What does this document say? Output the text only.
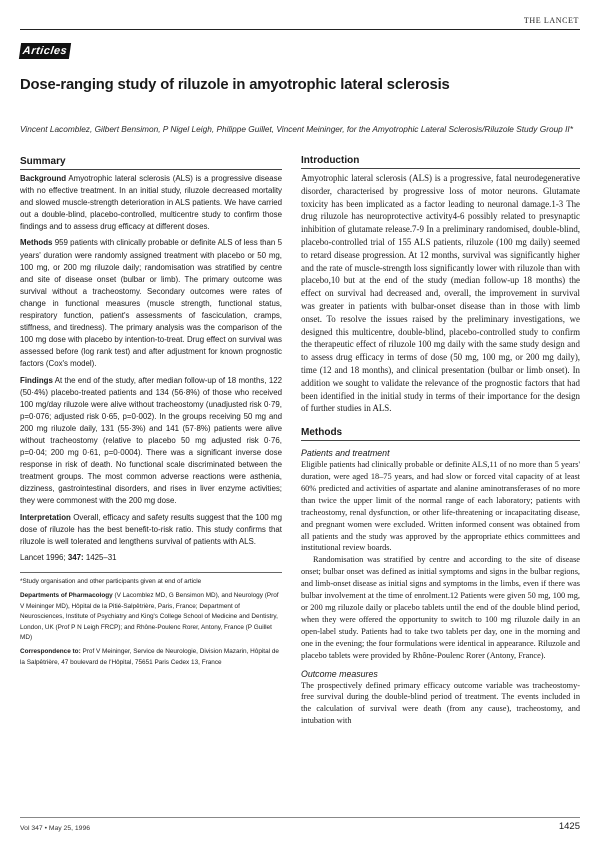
THE LANCET
Articles
Dose-ranging study of riluzole in amyotrophic lateral sclerosis
Vincent Lacomblez, Gilbert Bensimon, P Nigel Leigh, Philippe Guillet, Vincent Meininger, for the Amyotrophic Lateral Sclerosis/Riluzole Study Group II*
Summary

Background Amyotrophic lateral sclerosis (ALS) is a progressive disease with no effective treatment. In an initial study, riluzole decreased mortality and slowed muscle-strength deterioration in ALS patients. We have carried out a double-blind, placebo-controlled, multicentre study to confirm those findings and to assess drug efficacy at different doses.

Methods 959 patients with clinically probable or definite ALS of less than 5 years' duration were randomly assigned treatment with placebo or 50 mg, 100 mg, or 200 mg riluzole daily; randomisation was stratified by centre and site of disease onset (bulbar or limb). The primary outcome was survival without a tracheostomy. Secondary outcomes were rates of change in functional measures (muscle strength, functional status, respiratory function, patient's assessments of fasciculation, cramps, stiffness, and tiredness). The primary analysis was the comparison of the 100 mg dose with placebo by intention-to-treat. Drug effect on survival was assessed before (log rank test) and after adjustment for known prognostic factors (Cox's model).

Findings At the end of the study, after median follow-up of 18 months, 122 (50·4%) placebo-treated patients and 134 (56·8%) of those who received 100 mg/day riluzole were alive without tracheostomy (unadjusted risk 0·79, p=0·076; adjusted risk 0·65, p=0·002). In the groups receiving 50 mg and 200 mg riluzole daily, 131 (55·3%) and 141 (57·8%) patients were alive without tracheostomy (relative to placebo 50 mg adjusted risk 0·76, p=0·04; 200 mg 0·61, p=0·0004). There was a significant inverse dose response in risk of death. No functional scale discriminated between the treatment groups. The most common adverse reactions were asthenia, dizziness, gastrointestinal disorders, and rises in liver enzyme activities; they were commonest with the 200 mg dose.

Interpretation Overall, efficacy and safety results suggest that the 100 mg dose of riluzole has the best benefit-to-risk ratio. This study confirms that riluzole is well tolerated and lengthens survival of patients with ALS.

Lancet 1996; 347: 1425–31

*Study organisation and other participants given at end of article

Departments of Pharmacology (V Lacomblez MD, G Bensimon MD), and Neurology (Prof V Meininger MD), Hôpital de la Pitié-Salpêtrière, Paris, France; Department of Neurosciences, Institute of Psychiatry and King's College School of Medicine and Dentistry, London, UK (Prof P N Leigh FRCP); and Rhône-Poulenc Rorer, Antony, France (P Guillet MD)

Correspondence to: Prof V Meininger, Service de Neurologie, Division Mazarin, Hôpital de la Salpêtrière, 47 boulevard de l'Hôpital, 75651 Paris Cedex 13, France

Introduction

Amyotrophic lateral sclerosis (ALS) is a progressive, fatal neurodegenerative disorder, characterised by progressive loss of motor neurons. Glutamate toxicity has been implicated as a factor leading to neuronal damage.1-3 The drug riluzole has neuroprotective activity4-6 possibly related to presynaptic inhibition of glutamate release.7-9 In a preliminary randomised, double-blind, placebo-controlled trial of 155 ALS patients, riluzole (100 mg daily) seemed to retard disease progression. At 12 months, survival was significantly higher and the rate of muscle-strength loss significantly lower with riluzole than with placebo,10 but at the end of the study (median follow-up 18 months) the effect on survival had decreased and, overall, the improvement in survival was greater in patients with bulbar-onset disease than in those with limb onset. To resolve the issues raised by the preliminary investigations, we designed this multicentre, double-blind, placebo-controlled study to confirm the therapeutic effect of riluzole 100 mg daily with the same study design and to assess drug efficacy in terms of dose (50 mg, 100 mg, or 200 mg daily), time (12 and 18 months), and clinical presentation (bulbar or limb onset). In addition we sought to validate the relevance of the prognostic factors that had been identified in the initial study in terms of their importance for the design of further studies in ALS.

Methods
Patients and treatment

Eligible patients had clinically probable or definite ALS,11 of no more than 5 years' duration, were aged 18–75 years, and had slow or forced vital capacity of at least 60% predicted and activities of aspartate and alanine aminotransferases of no more than twice the upper limit of the normal range of each laboratory; patients with tracheostomy, renal dysfunction, or other life-threatening or incapacitating disease, and pregnant women were excluded. Written informed consent was obtained from all patients and the study was approved by the appropriate ethics committees and institutional review boards.

Randomisation was stratified by centre and according to the site of disease onset; bulbar onset was defined as initial symptoms and signs in the bulbar regions, and limb-onset disease as initial signs and symptoms in the limbs, even if there was bulbar involvement at the time of enrolment.12 Patients were given 50 mg, 100 mg, or 200 mg riluzole daily or placebo tablets until the end of the double blind period, when they were offered the opportunity to switch to 100 mg riluzole daily in an open-label study. Patients had to take two tablets per day, one in the morning and one in the evening; the four formulations were identical in appearance. Riluzole and placebo tablets were provided by Rhône-Poulenc Rorer (Antony, France).

Outcome measures

The prospectively defined primary efficacy outcome variable was tracheostomy-free survival during the double-blind period of treatment. The events included in the calculation of survival were death (from any cause), tracheostomy, and intubation with

Vol 347 • May 25, 1996	1425
